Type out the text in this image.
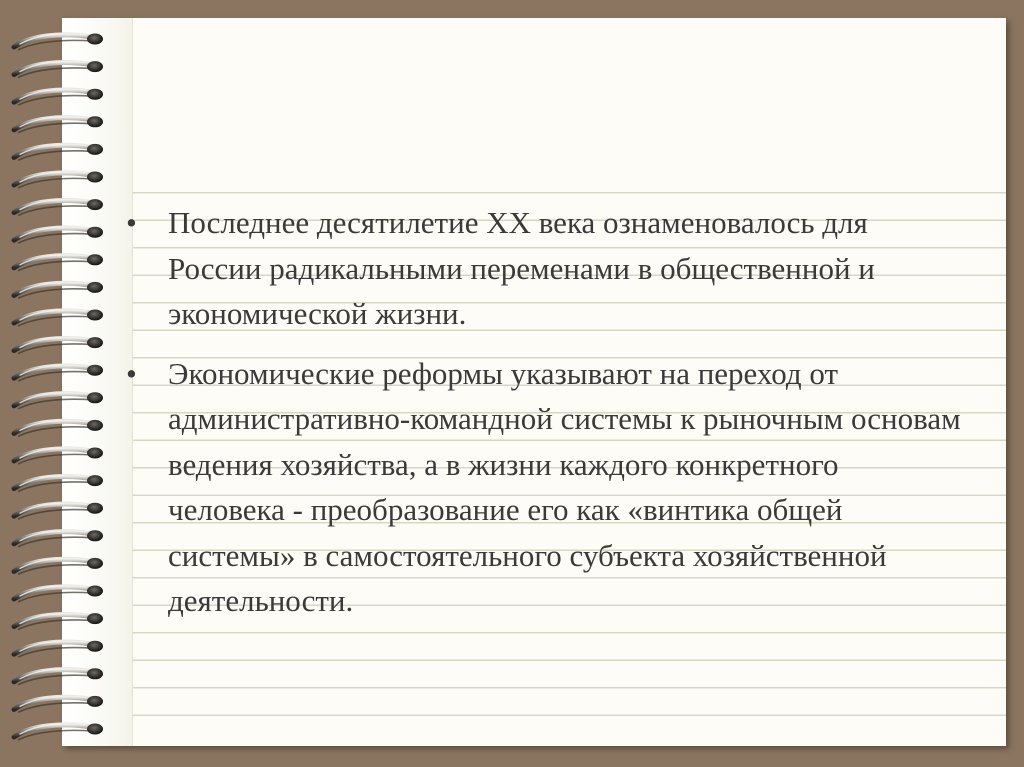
• Последнее десятилетие XX века ознаменовалось для России радикальными переменами в общественной и экономической жизни.
• Экономические реформы указывают на переход от административно-командной системы к рыночным основам ведения хозяйства, а в жизни каждого конкретного человека - преобразование его как «винтика общей системы» в самостоятельного субъекта хозяйственной деятельности.
